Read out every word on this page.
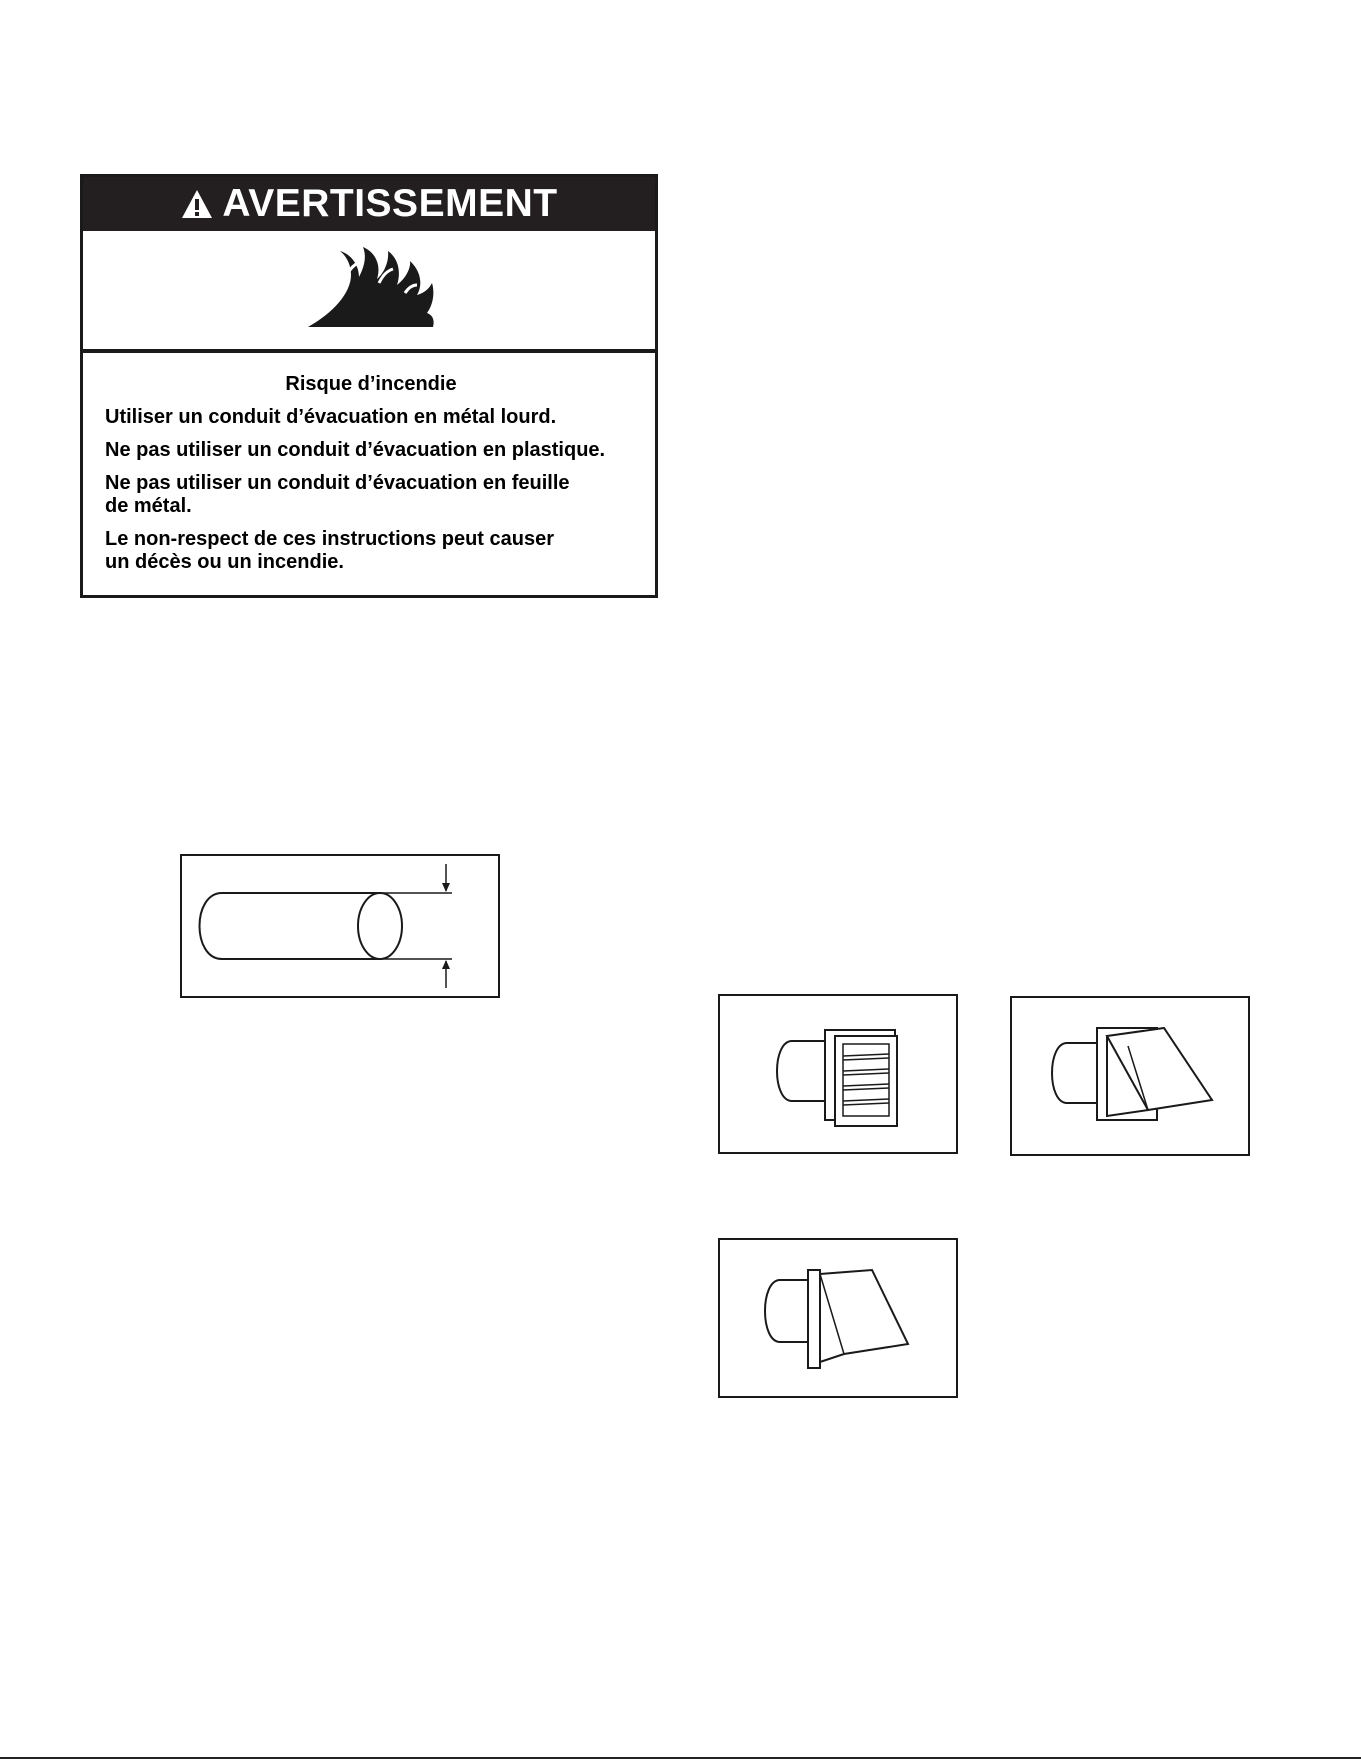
AVERTISSEMENT
Risque d’incendie

Utiliser un conduit d’évacuation en métal lourd.

Ne pas utiliser un conduit d’évacuation en plastique.

Ne pas utiliser un conduit d’évacuation en feuille de métal.

Le non-respect de ces instructions peut causer un décès ou un incendie.
